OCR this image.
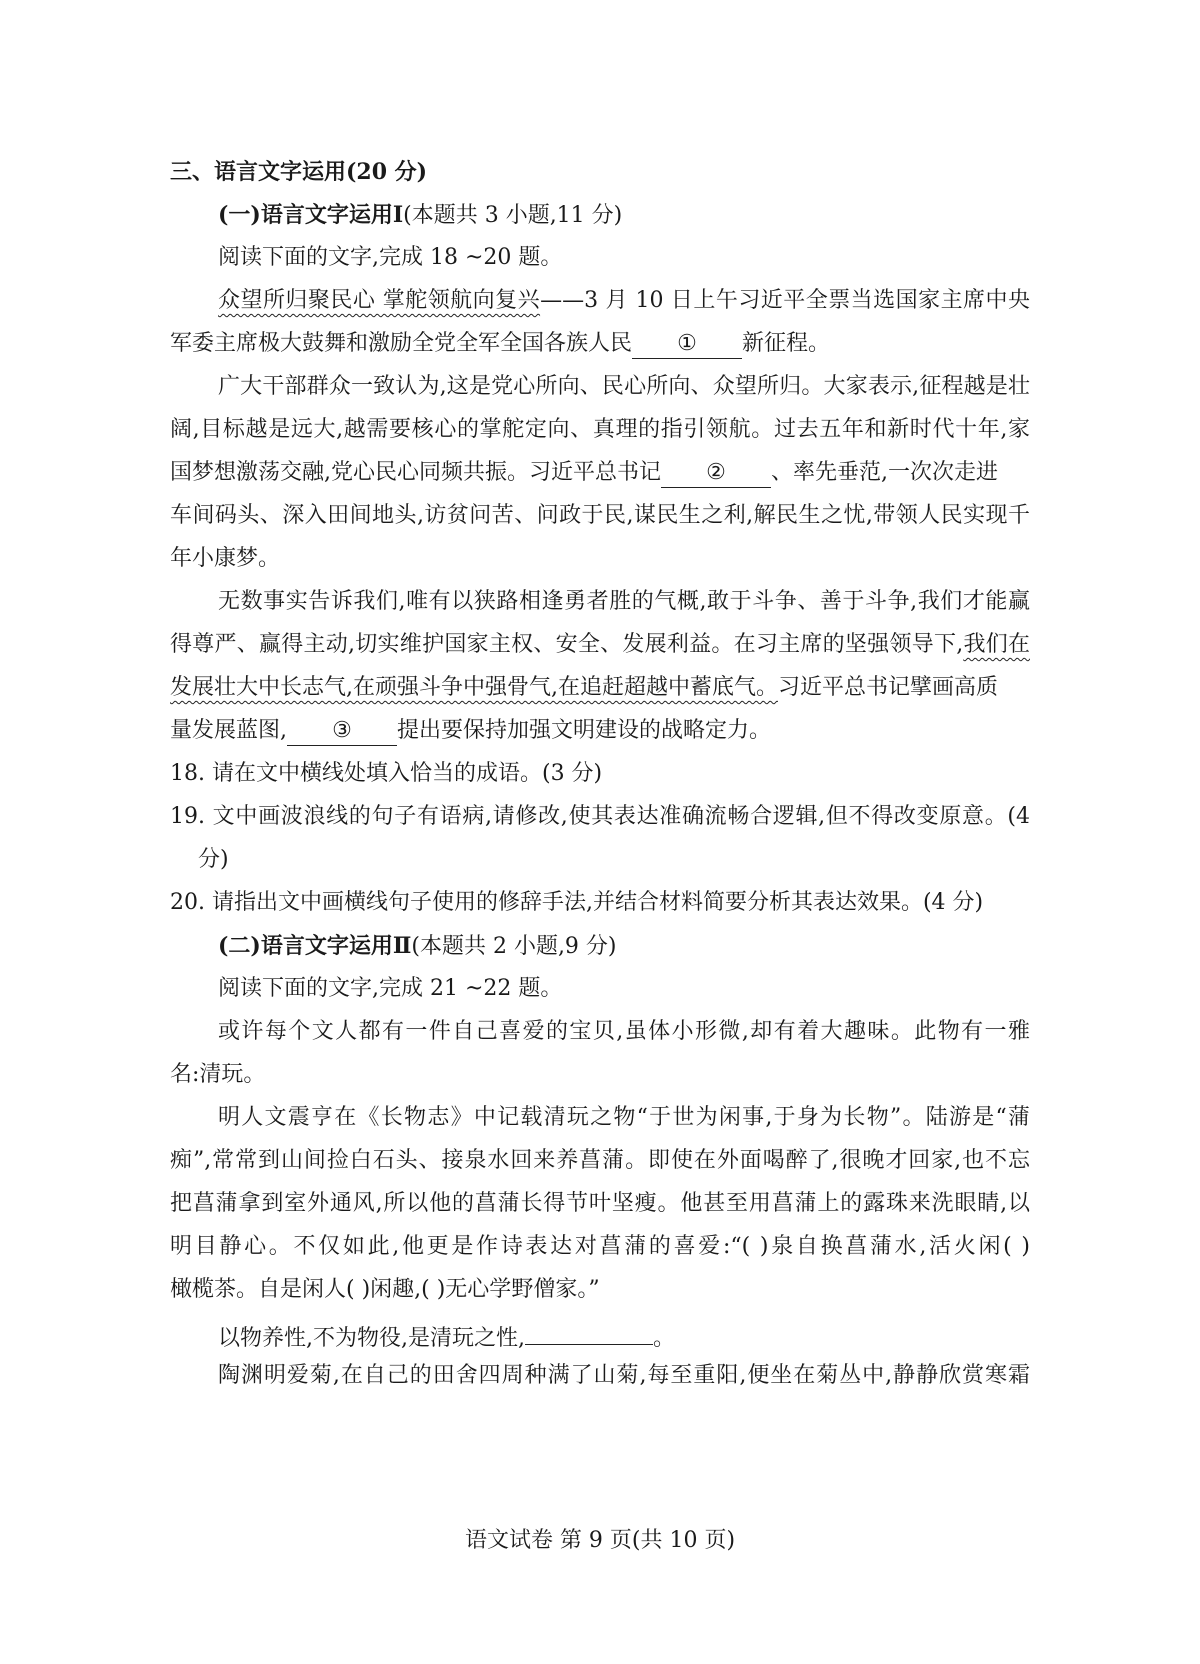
三、语言文字运用(20 分)
(一)语言文字运用Ⅰ(本题共 3 小题,11 分)
阅读下面的文字,完成 18 ~20 题。
众望所归聚民心 掌舵领航向复兴——3 月 10 日上午习近平全票当选国家主席中央
军委主席极大鼓舞和激励全党全军全国各族人民 ① 新征程。
广大干部群众一致认为,这是党心所向、民心所向、众望所归。大家表示,征程越是壮
阔,目标越是远大,越需要核心的掌舵定向、真理的指引领航。过去五年和新时代十年,家
国梦想激荡交融,党心民心同频共振。习近平总书记 ② 、率先垂范,一次次走进
车间码头、深入田间地头,访贫问苦、问政于民,谋民生之利,解民生之忧,带领人民实现千
年小康梦。
无数事实告诉我们,唯有以狭路相逢勇者胜的气概,敢于斗争、善于斗争,我们才能赢
得尊严、赢得主动,切实维护国家主权、安全、发展利益。在习主席的坚强领导下,我们在
发展壮大中长志气,在顽强斗争中强骨气,在追赶超越中蓄底气。习近平总书记擘画高质
量发展蓝图, ③ 提出要保持加强文明建设的战略定力。
18. 请在文中横线处填入恰当的成语。(3 分)
19. 文中画波浪线的句子有语病,请修改,使其表达准确流畅合逻辑,但不得改变原意。(4
分)
20. 请指出文中画横线句子使用的修辞手法,并结合材料简要分析其表达效果。(4 分)
(二)语言文字运用Ⅱ(本题共 2 小题,9 分)
阅读下面的文字,完成 21 ~22 题。
或许每个文人都有一件自己喜爱的宝贝,虽体小形微,却有着大趣味。此物有一雅
名:清玩。
明人文震亨在《长物志》中记载清玩之物“于世为闲事,于身为长物”。陆游是“蒲
痴”,常常到山间捡白石头、接泉水回来养菖蒲。即使在外面喝醉了,很晚才回家,也不忘
把菖蒲拿到室外通风,所以他的菖蒲长得节叶坚瘦。他甚至用菖蒲上的露珠来洗眼睛,以
明目静心。不仅如此,他更是作诗表达对菖蒲的喜爱:“( )泉自换菖蒲水,活火闲( )
橄榄茶。自是闲人( )闲趣,( )无心学野僧家。”
以物养性,不为物役,是清玩之性,	。
陶渊明爱菊,在自己的田舍四周种满了山菊,每至重阳,便坐在菊丛中,静静欣赏寒霜
语文试卷 第 9 页(共 10 页)
